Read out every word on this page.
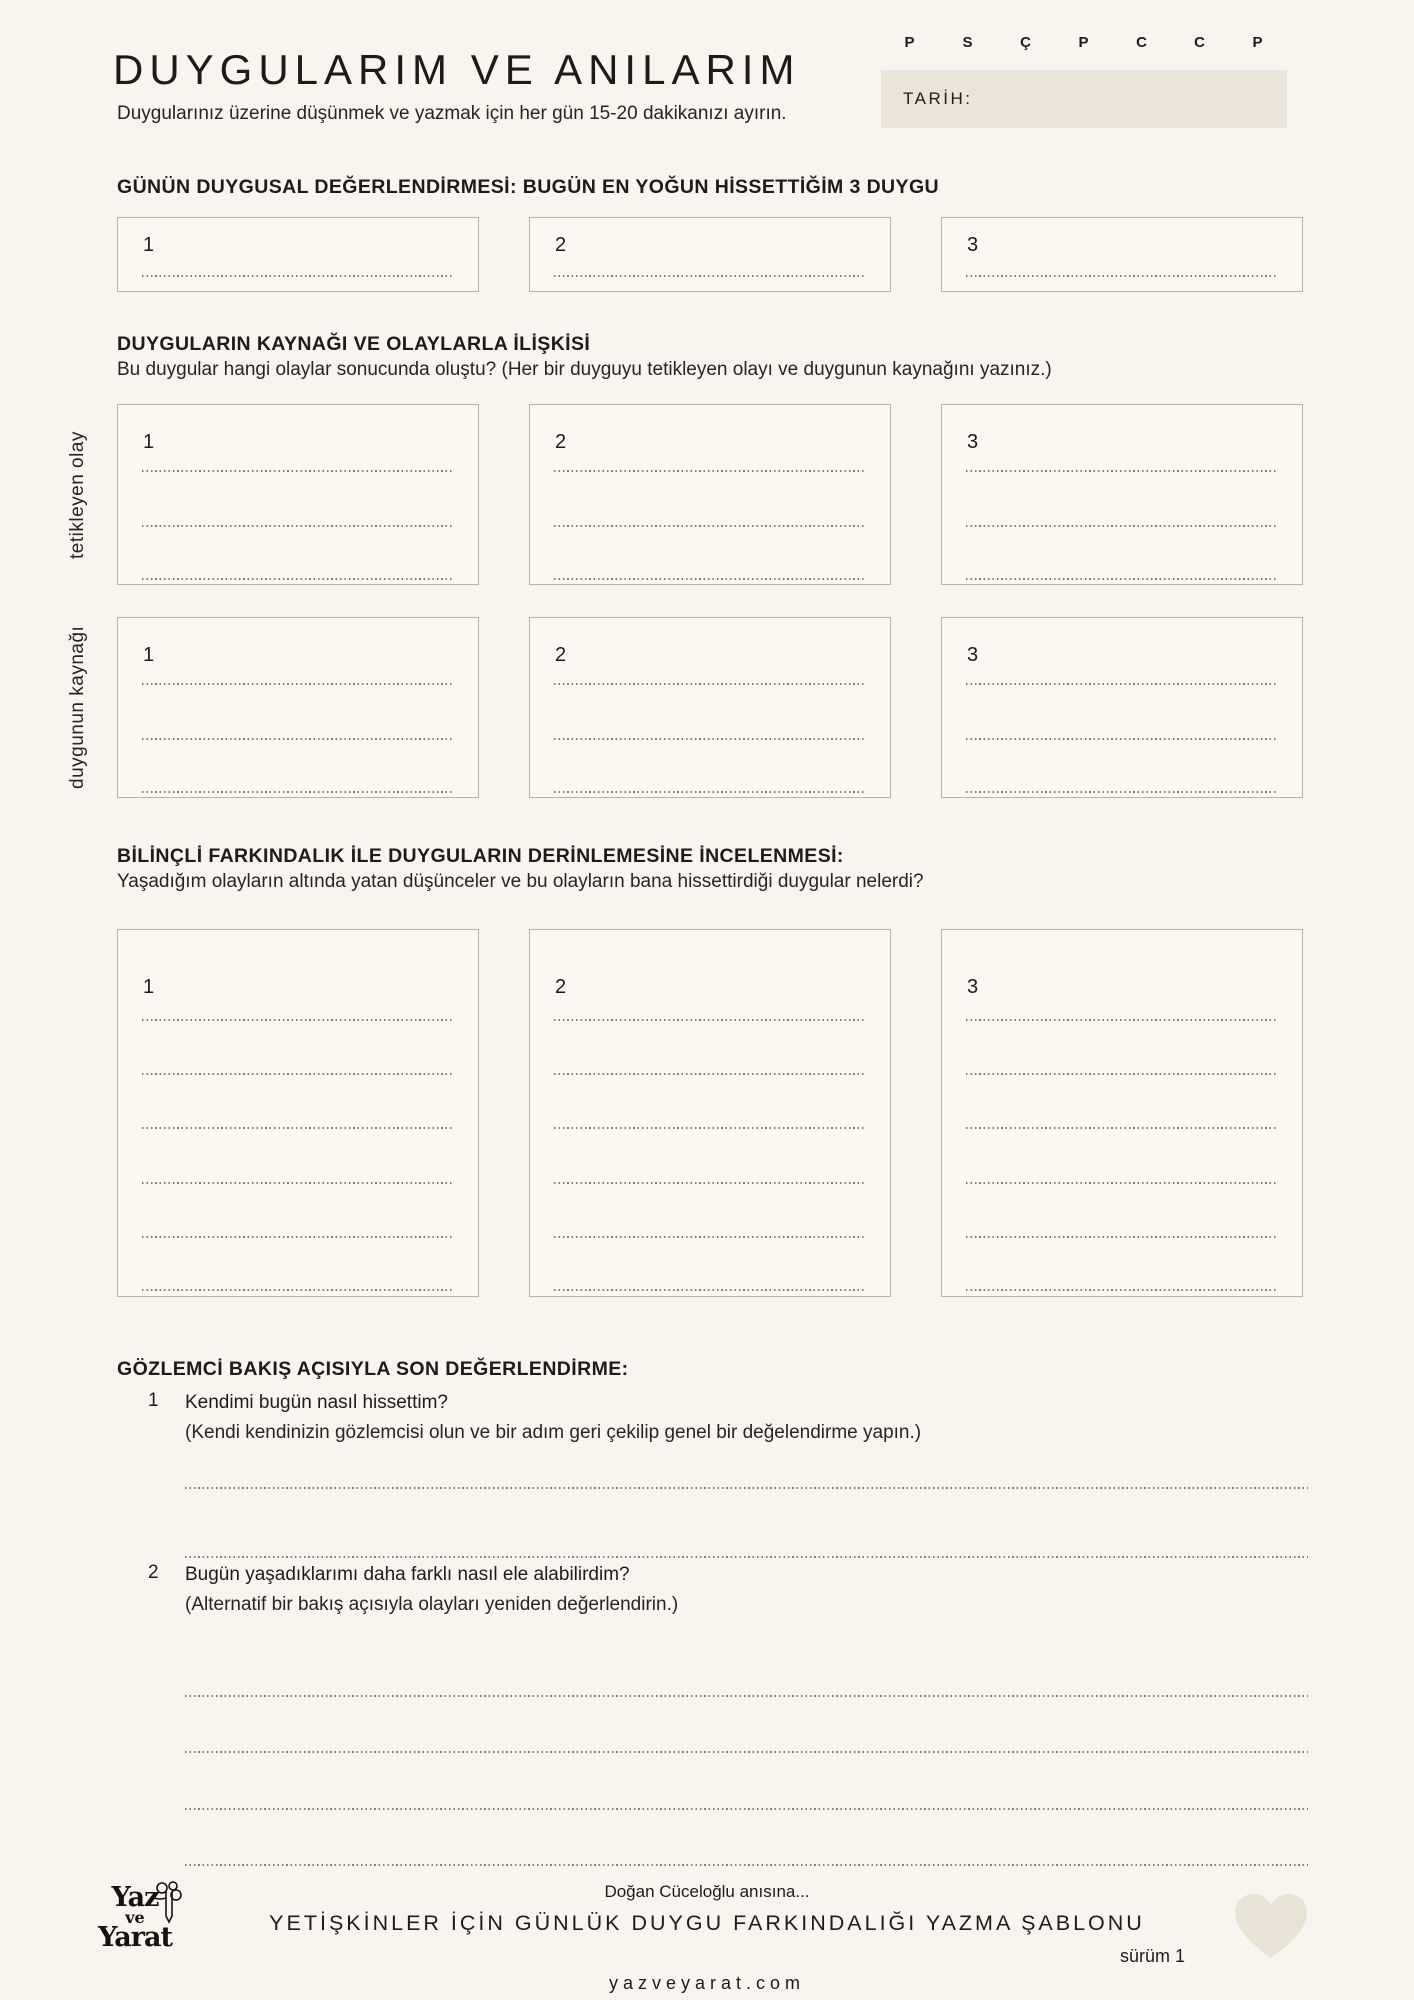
DUYGULARIM VE ANILARIM
Duygularınız üzerine düşünmek ve yazmak için her gün 15-20 dakikanızı ayırın.
P	S	Ç	P	C	C	P
TARİH:
GÜNÜN DUYGUSAL DEĞERLENDİRMESİ: BUGÜN EN YOĞUN HİSSETTİĞİM 3 DUYGU
1	2	3
DUYGULARIN KAYNAĞI VE OLAYLARLA İLİŞKİSİ
Bu duygular hangi olaylar sonucunda oluştu? (Her bir duyguyu tetikleyen olayı ve duygunun kaynağını yazınız.)
tetikleyen olay	1	2	3
duygunun kaynağı	1	2	3
BİLİNÇLİ FARKINDALIK İLE DUYGULARIN DERİNLEMESİNE İNCELENMESİ:
Yaşadığım olayların altında yatan düşünceler ve bu olayların bana hissettirdiği duygular nelerdi?
1	2	3
GÖZLEMCİ BAKIŞ AÇISIYLA SON DEĞERLENDİRME:
1 Kendimi bugün nasıl hissettim?
(Kendi kendinizin gözlemcisi olun ve bir adım geri çekilip genel bir değelendirme yapın.)
2 Bugün yaşadıklarımı daha farklı nasıl ele alabilirdim?
(Alternatif bir bakış açısıyla olayları yeniden değerlendirin.)
Doğan Cüceloğlu anısına...
YETİŞKİNLER İÇİN GÜNLÜK DUYGU FARKINDALIĞI YAZMA ŞABLONU
sürüm 1
yazveyarat.com
Yaz
ve
Yarat
